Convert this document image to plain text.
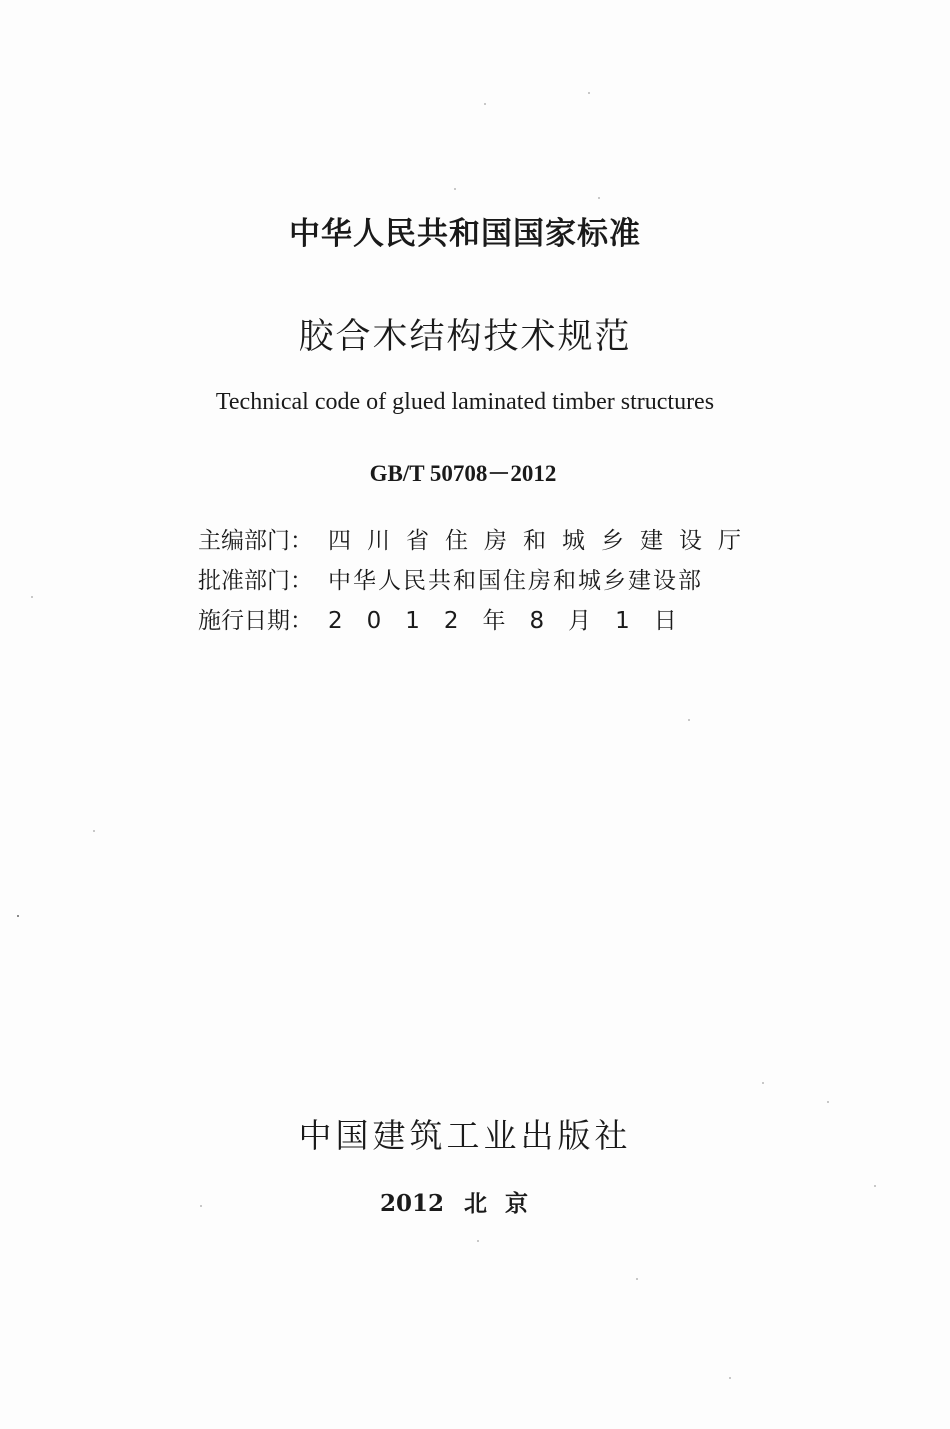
中华人民共和国国家标准
胶合木结构技术规范
Technical code of glued laminated timber structures
GB/T 50708－2012
主编部门： 四川省住房和城乡建设厅
批准部门： 中华人民共和国住房和城乡建设部
施行日期： 2012年8月1日
中国建筑工业出版社
2012 北京
